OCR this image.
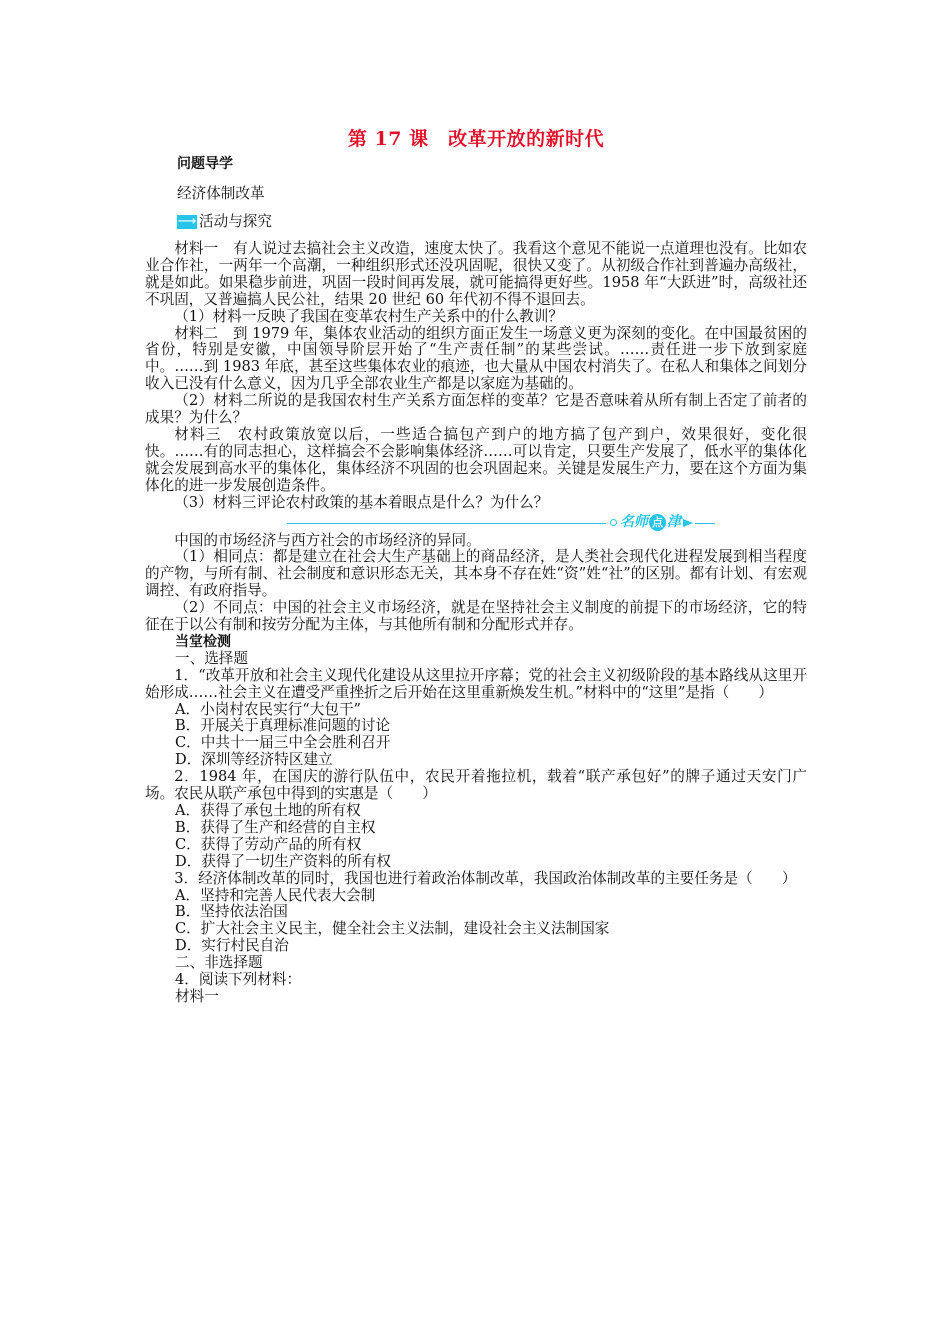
第 17 课　改革开放的新时代
问题导学
经济体制改革
⟶ 活动与探究

材料一　有人说过去搞社会主义改造，速度太快了。我看这个意见不能说一点道理也没有。比如农业合作社，一两年一个高潮，一种组织形式还没巩固呢，很快又变了。从初级合作社到普遍办高级社，就是如此。如果稳步前进，巩固一段时间再发展，就可能搞得更好些。1958 年“大跃进”时，高级社还不巩固，又普遍搞人民公社，结果 20 世纪 60 年代初不得不退回去。

（1）材料一反映了我国在变革农村生产关系中的什么教训？

材料二　到 1979 年，集体农业活动的组织方面正发生一场意义更为深刻的变化。在中国最贫困的省份，特别是安徽，中国领导阶层开始了“生产责任制”的某些尝试。……责任进一步下放到家庭中。……到 1983 年底，甚至这些集体农业的痕迹，也大量从中国农村消失了。在私人和集体之间划分收入已没有什么意义，因为几乎全部农业生产都是以家庭为基础的。

（2）材料二所说的是我国农村生产关系方面怎样的变革？它是否意味着从所有制上否定了前者的成果？为什么？

材料三　农村政策放宽以后，一些适合搞包产到户的地方搞了包产到户，效果很好，变化很快。……有的同志担心，这样搞会不会影响集体经济……可以肯定，只要生产发展了，低水平的集体化就会发展到高水平的集体化，集体经济不巩固的也会巩固起来。关键是发展生产力，要在这个方面为集体化的进一步发展创造条件。

（3）材料三评论农村政策的基本着眼点是什么？为什么？

名师 点 津

中国的市场经济与西方社会的市场经济的异同。

（1）相同点：都是建立在社会大生产基础上的商品经济，是人类社会现代化进程发展到相当程度的产物，与所有制、社会制度和意识形态无关，其本身不存在姓“资”姓“社”的区别。都有计划、有宏观调控、有政府指导。

（2）不同点：中国的社会主义市场经济，就是在坚持社会主义制度的前提下的市场经济，它的特征在于以公有制和按劳分配为主体，与其他所有制和分配形式并存。

当堂检测
一、选择题

1．“改革开放和社会主义现代化建设从这里拉开序幕；党的社会主义初级阶段的基本路线从这里开始形成……社会主义在遭受严重挫折之后开始在这里重新焕发生机。”材料中的“这里”是指（　　）

A．小岗村农民实行“大包干”
B．开展关于真理标准问题的讨论
C．中共十一届三中全会胜利召开
D．深圳等经济特区建立

2．1984 年，在国庆的游行队伍中，农民开着拖拉机，载着“联产承包好”的牌子通过天安门广场。农民从联产承包中得到的实惠是（　　）

A．获得了承包土地的所有权
B．获得了生产和经营的自主权
C．获得了劳动产品的所有权
D．获得了一切生产资料的所有权

3．经济体制改革的同时，我国也进行着政治体制改革，我国政治体制改革的主要任务是（　　）

A．坚持和完善人民代表大会制
B．坚持依法治国
C．扩大社会主义民主，健全社会主义法制，建设社会主义法制国家
D．实行村民自治
二、非选择题
4．阅读下列材料：
材料一
